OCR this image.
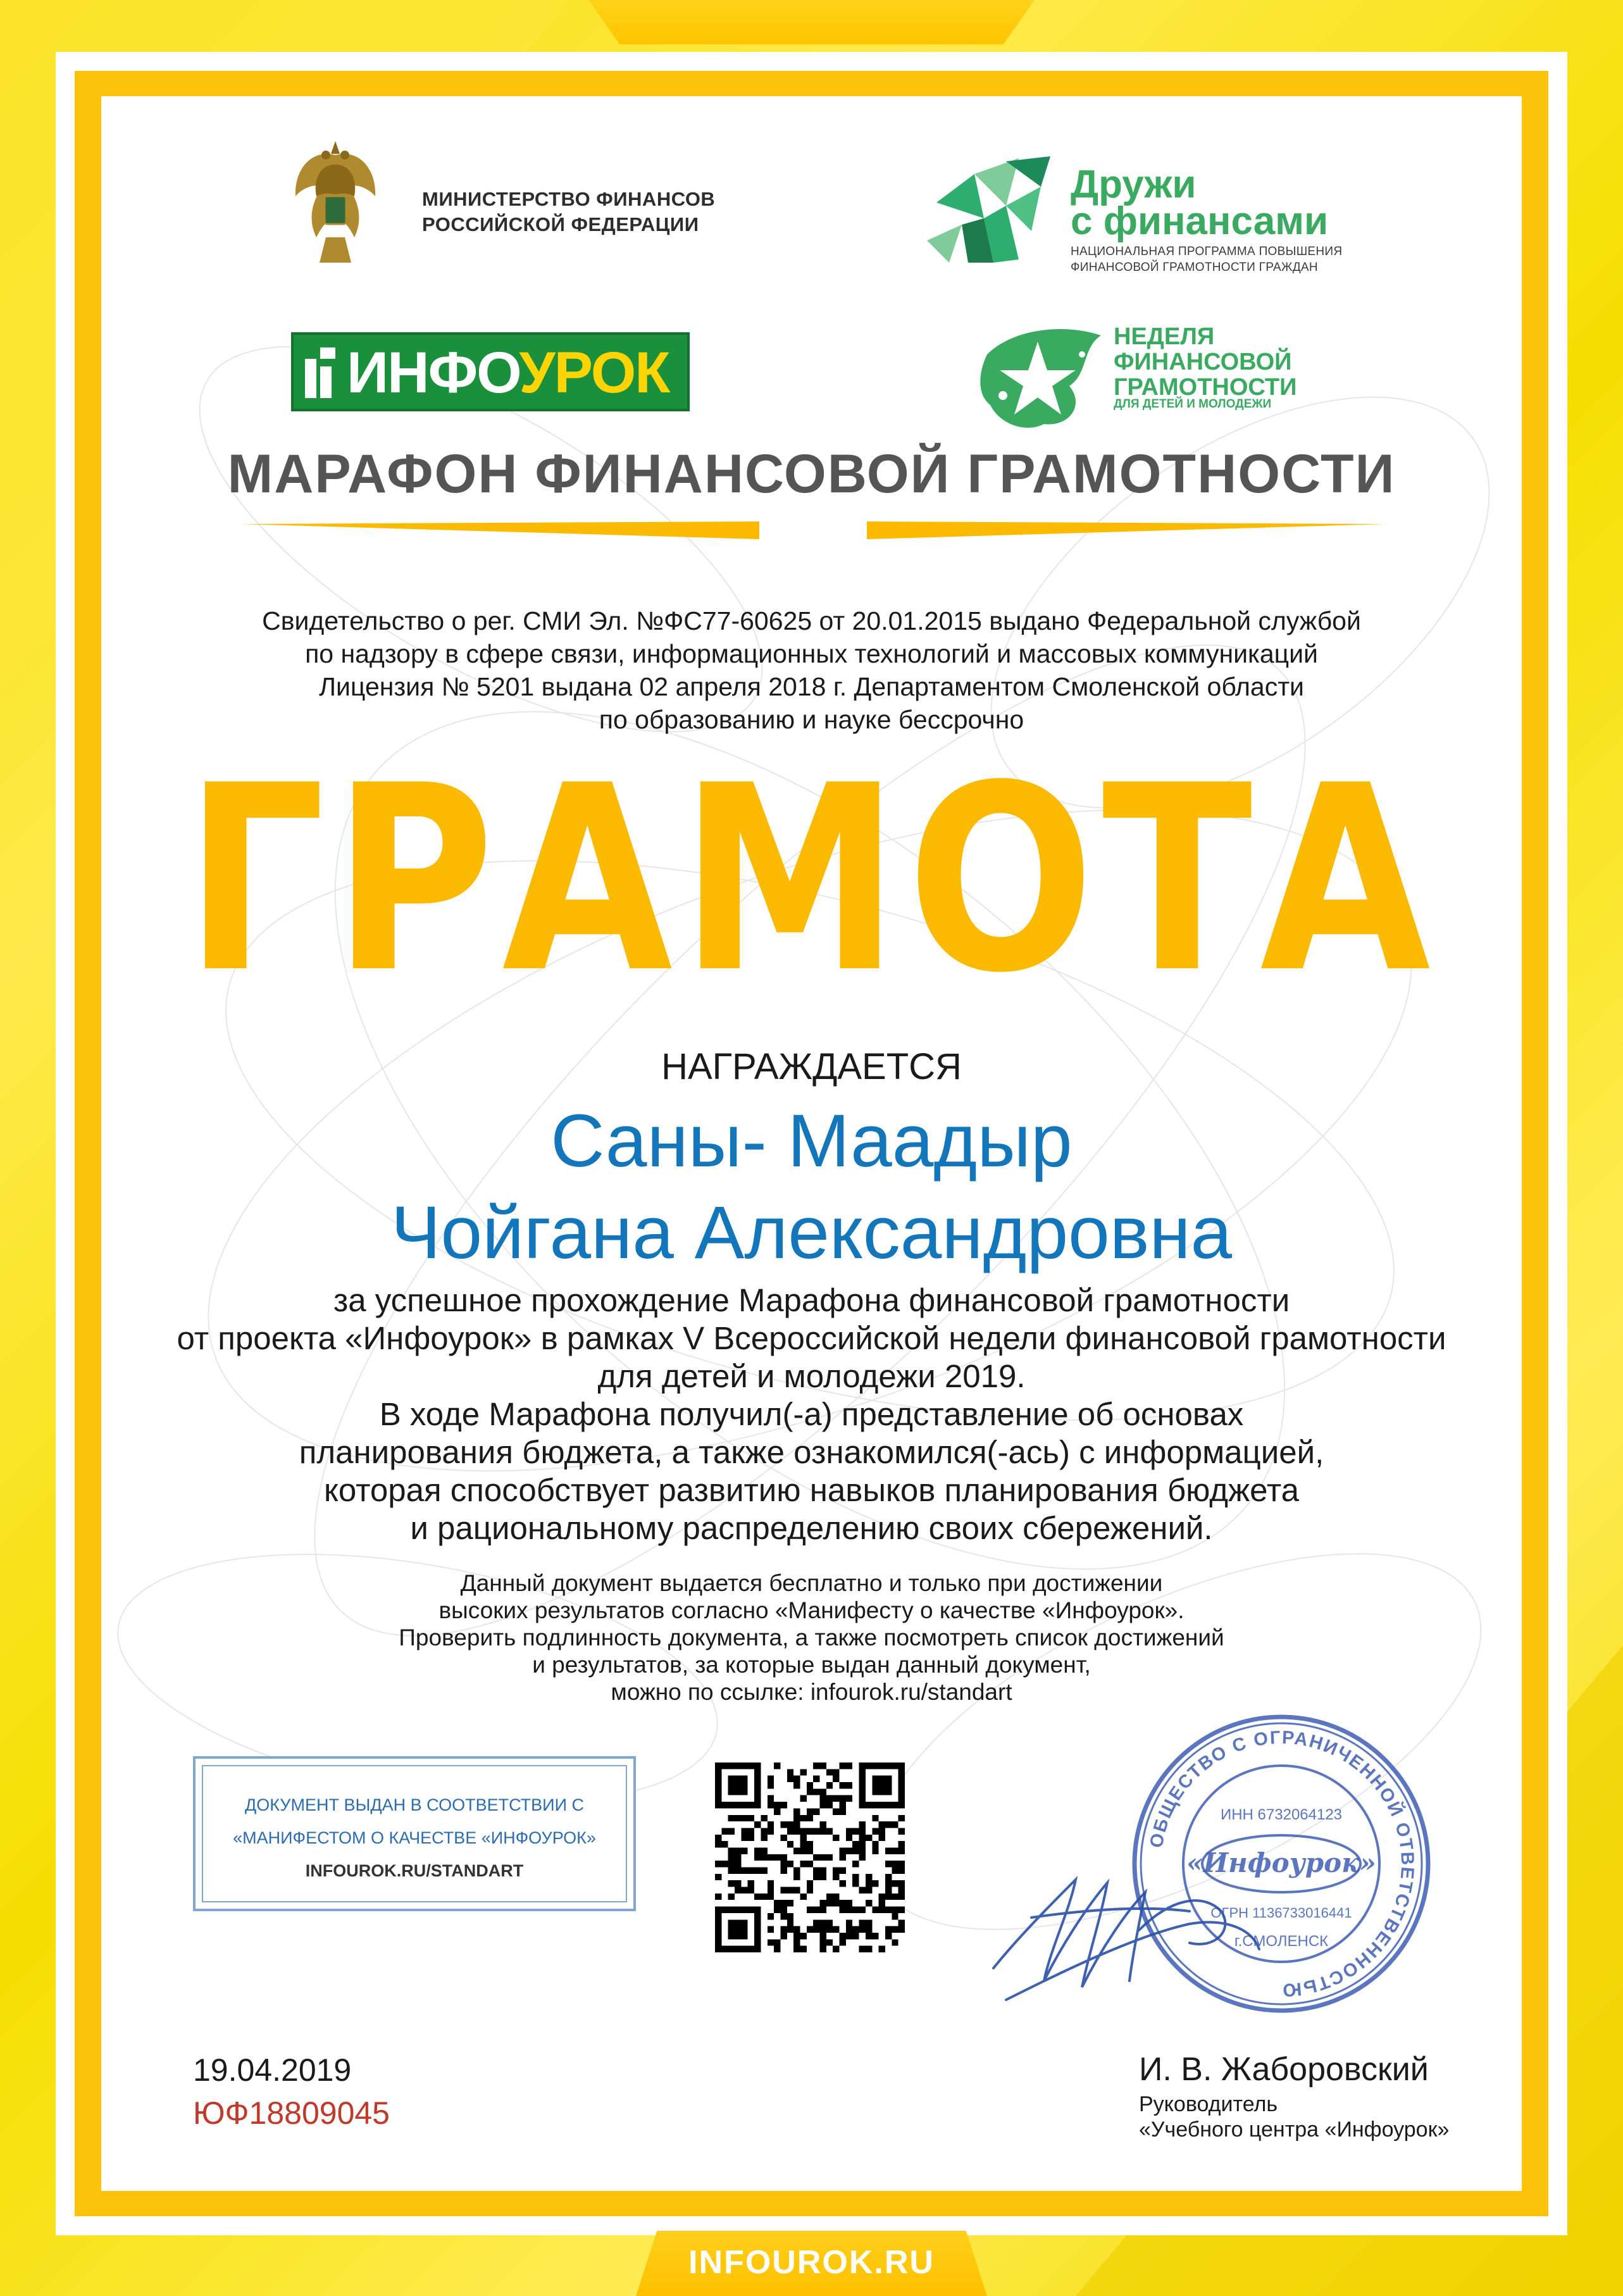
МИНИСТЕРСТВО ФИНАНСОВ
РОССИЙСКОЙ ФЕДЕРАЦИИ
Дружи
с финансами
НАЦИОНАЛЬНАЯ ПРОГРАММА ПОВЫШЕНИЯ
ФИНАНСОВОЙ ГРАМОТНОСТИ ГРАЖДАН
ИНФОУРОК
НЕДЕЛЯ
ФИНАНСОВОЙ
ГРАМОТНОСТИ
ДЛЯ ДЕТЕЙ И МОЛОДЕЖИ
МАРАФОН ФИНАНСОВОЙ ГРАМОТНОСТИ
Свидетельство о рег. СМИ Эл. №ФС77-60625 от 20.01.2015 выдано Федеральной службой
по надзору в сфере связи, информационных технологий и массовых коммуникаций
Лицензия № 5201 выдана 02 апреля 2018 г. Департаментом Смоленской области
по образованию и науке бессрочно
ГРАМОТА
НАГРАЖДАЕТСЯ
Саны- Маадыр
Чойгана Александровна
за успешное прохождение Марафона финансовой грамотности
от проекта «Инфоурок» в рамках V Всероссийской недели финансовой грамотности
для детей и молодежи 2019.
В ходе Марафона получил(-а) представление об основах
планирования бюджета, а также ознакомился(-ась) с информацией,
которая способствует развитию навыков планирования бюджета
и рациональному распределению своих сбережений.
Данный документ выдается бесплатно и только при достижении
высоких результатов согласно «Манифесту о качестве «Инфоурок».
Проверить подлинность документа, а также посмотреть список достижений
и результатов, за которые выдан данный документ,
можно по ссылке: infourok.ru/standart
ДОКУМЕНТ ВЫДАН В СООТВЕТСТВИИ С
«МАНИФЕСТОМ О КАЧЕСТВЕ «ИНФОУРОК»
INFOUROK.RU/STANDART
ОБЩЕСТВО С ОГРАНИЧЕННОЙ ОТВЕТСТВЕННОСТЬЮ
ИНН 6732064123
«Инфоурок»
ОГРН 1136733016441
г.СМОЛЕНСК
19.04.2019
ЮФ18809045
И. В. Жаборовский
Руководитель
«Учебного центра «Инфоурок»
INFOUROK.RU
